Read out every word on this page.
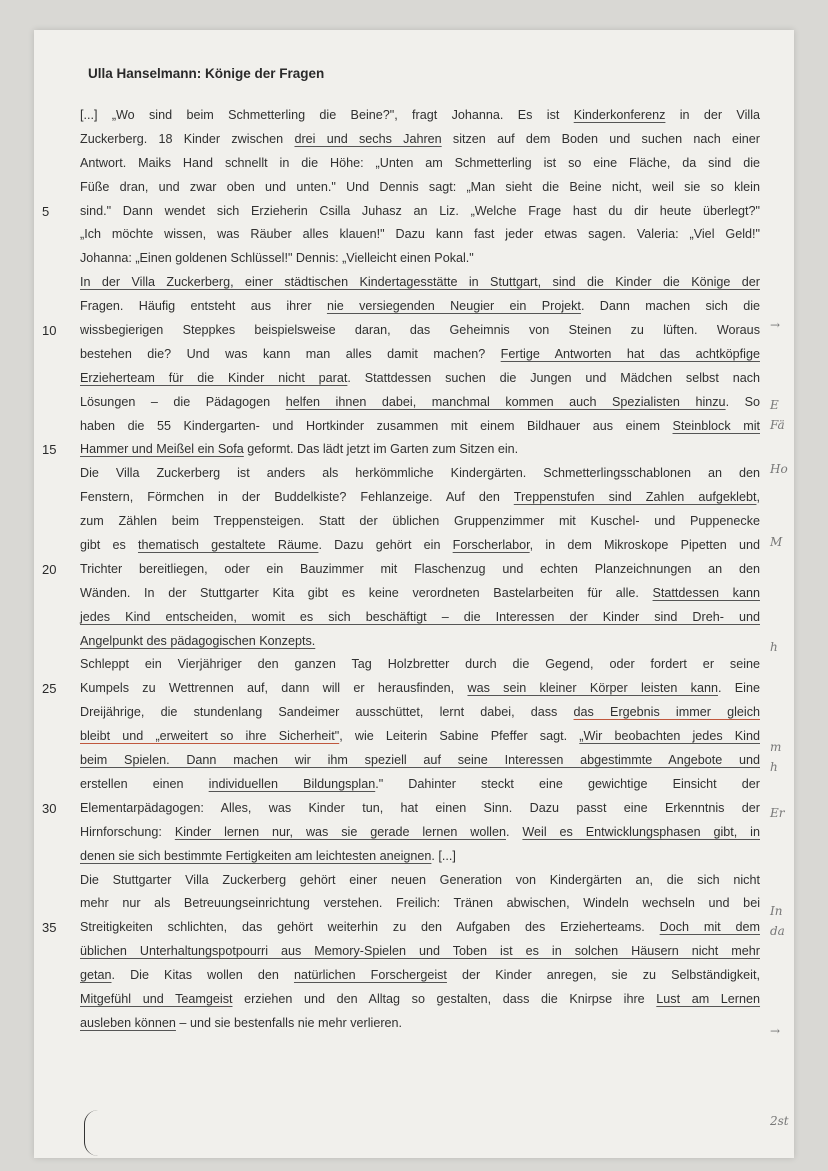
Ulla Hanselmann: Könige der Fragen
[...] „Wo sind beim Schmetterling die Beine?", fragt Johanna. Es ist Kinderkonferenz in der Villa
Zuckerberg. 18 Kinder zwischen drei und sechs Jahren sitzen auf dem Boden und suchen nach einer
Antwort. Maiks Hand schnellt in die Höhe: „Unten am Schmetterling ist so eine Fläche, da sind die
Füße dran, und zwar oben und unten." Und Dennis sagt: „Man sieht die Beine nicht, weil sie so klein
5	sind." Dann wendet sich Erzieherin Csilla Juhasz an Liz. „Welche Frage hast du dir heute überlegt?"
„Ich möchte wissen, was Räuber alles klauen!" Dazu kann fast jeder etwas sagen. Valeria: „Viel Geld!"
Johanna: „Einen goldenen Schlüssel!" Dennis: „Vielleicht einen Pokal."
In der Villa Zuckerberg, einer städtischen Kindertagesstätte in Stuttgart, sind die Kinder die Könige der
Fragen. Häufig entsteht aus ihrer nie versiegenden Neugier ein Projekt. Dann machen sich die
10	wissbegierigen Steppkes beispielsweise daran, das Geheimnis von Steinen zu lüften. Woraus
bestehen die? Und was kann man alles damit machen? Fertige Antworten hat das achtköpfige
Erzieherteam für die Kinder nicht parat. Stattdessen suchen die Jungen und Mädchen selbst nach
Lösungen – die Pädagogen helfen ihnen dabei, manchmal kommen auch Spezialisten hinzu. So
haben die 55 Kindergarten- und Hortkinder zusammen mit einem Bildhauer aus einem Steinblock mit
15	Hammer und Meißel ein Sofa geformt. Das lädt jetzt im Garten zum Sitzen ein.
Die Villa Zuckerberg ist anders als herkömmliche Kindergärten. Schmetterlingsschablonen an den
Fenstern, Förmchen in der Buddelkiste? Fehlanzeige. Auf den Treppenstufen sind Zahlen aufgeklebt,
zum Zählen beim Treppensteigen. Statt der üblichen Gruppenzimmer mit Kuschel- und Puppenecke
gibt es thematisch gestaltete Räume. Dazu gehört ein Forscherlabor, in dem Mikroskope Pipetten und
20	Trichter bereitliegen, oder ein Bauzimmer mit Flaschenzug und echten Planzeichnungen an den
Wänden. In der Stuttgarter Kita gibt es keine verordneten Bastelarbeiten für alle. Stattdessen kann
jedes Kind entscheiden, womit es sich beschäftigt – die Interessen der Kinder sind Dreh- und
Angelpunkt des pädagogischen Konzepts.
Schleppt ein Vierjähriger den ganzen Tag Holzbretter durch die Gegend, oder fordert er seine
25	Kumpels zu Wettrennen auf, dann will er herausfinden, was sein kleiner Körper leisten kann. Eine
Dreijährige, die stundenlang Sandeimer ausschüttet, lernt dabei, dass das Ergebnis immer gleich
bleibt und „erweitert so ihre Sicherheit", wie Leiterin Sabine Pfeffer sagt. „Wir beobachten jedes Kind
beim Spielen. Dann machen wir ihm speziell auf seine Interessen abgestimmte Angebote und
erstellen einen individuellen Bildungsplan." Dahinter steckt eine gewichtige Einsicht der
30	Elementarpädagogen: Alles, was Kinder tun, hat einen Sinn. Dazu passt eine Erkenntnis der
Hirnforschung: Kinder lernen nur, was sie gerade lernen wollen. Weil es Entwicklungsphasen gibt, in
denen sie sich bestimmte Fertigkeiten am leichtesten aneignen. [...]
Die Stuttgarter Villa Zuckerberg gehört einer neuen Generation von Kindergärten an, die sich nicht
mehr nur als Betreuungseinrichtung verstehen. Freilich: Tränen abwischen, Windeln wechseln und bei
35	Streitigkeiten schlichten, das gehört weiterhin zu den Aufgaben des Erzieherteams. Doch mit dem
üblichen Unterhaltungspotpourri aus Memory-Spielen und Toben ist es in solchen Häusern nicht mehr
getan. Die Kitas wollen den natürlichen Forschergeist der Kinder anregen, sie zu Selbständigkeit,
Mitgefühl und Teamgeist erziehen und den Alltag so gestalten, dass die Knirpse ihre Lust am Lernen
ausleben können – und sie bestenfalls nie mehr verlieren.
→
E
Fä
Ho
M
h
m
h
Er
In
da
→
2st
